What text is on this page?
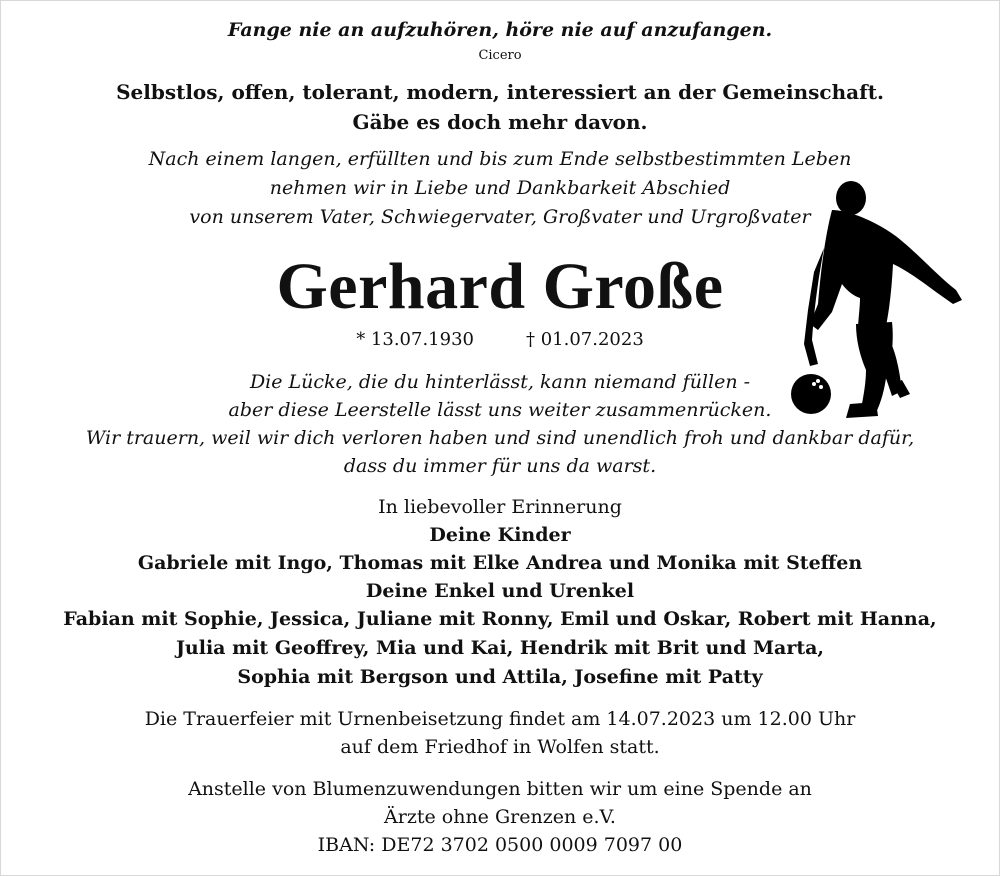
Fange nie an aufzuhören, höre nie auf anzufangen.
Cicero
Selbstlos, offen, tolerant, modern, interessiert an der Gemeinschaft.
Gäbe es doch mehr davon.
Nach einem langen, erfüllten und bis zum Ende selbstbestimmten Leben
nehmen wir in Liebe und Dankbarkeit Abschied
von unserem Vater, Schwiegervater, Großvater und Urgroßvater
Gerhard Große
* 13.07.1930	† 01.07.2023
Die Lücke, die du hinterlässt, kann niemand füllen -
aber diese Leerstelle lässt uns weiter zusammenrücken.
Wir trauern, weil wir dich verloren haben und sind unendlich froh und dankbar dafür,
dass du immer für uns da warst.
In liebevoller Erinnerung
Deine Kinder
Gabriele mit Ingo, Thomas mit Elke Andrea und Monika mit Steffen
Deine Enkel und Urenkel
Fabian mit Sophie, Jessica, Juliane mit Ronny, Emil und Oskar, Robert mit Hanna,
Julia mit Geoffrey, Mia und Kai, Hendrik mit Brit und Marta,
Sophia mit Bergson und Attila, Josefine mit Patty
Die Trauerfeier mit Urnenbeisetzung findet am 14.07.2023 um 12.00 Uhr
auf dem Friedhof in Wolfen statt.
Anstelle von Blumenzuwendungen bitten wir um eine Spende an
Ärzte ohne Grenzen e.V.
IBAN: DE72 3702 0500 0009 7097 00
